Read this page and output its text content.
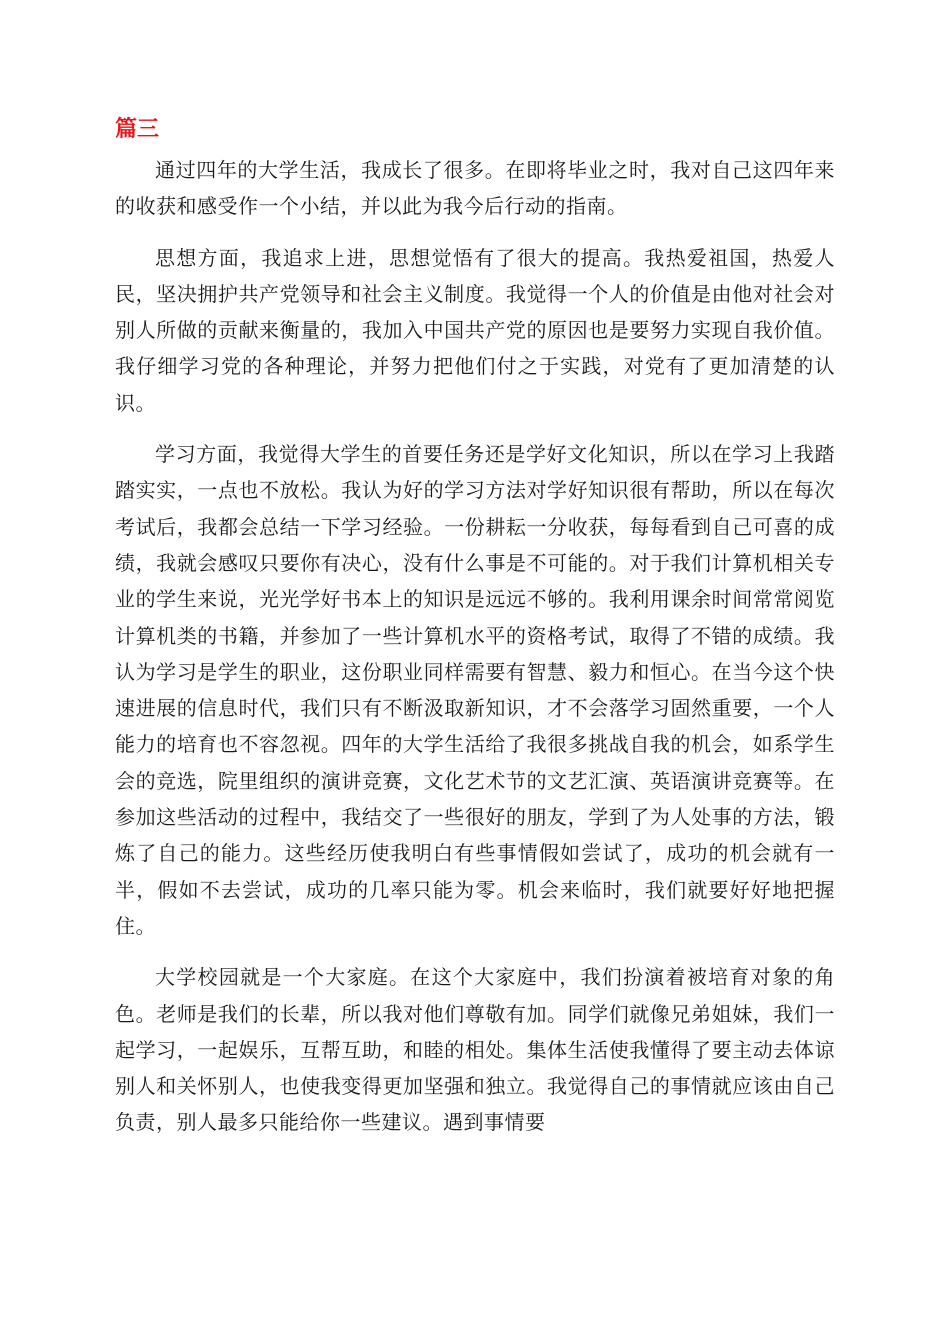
篇三

通过四年的大学生活，我成长了很多。在即将毕业之时，我对自己这四年来的收获和感受作一个小结，并以此为我今后行动的指南。

思想方面，我追求上进，思想觉悟有了很大的提高。我热爱祖国，热爱人民，坚决拥护共产党领导和社会主义制度。我觉得一个人的价值是由他对社会对别人所做的贡献来衡量的，我加入中国共产党的原因也是要努力实现自我价值。我仔细学习党的各种理论，并努力把他们付之于实践，对党有了更加清楚的认识。

学习方面，我觉得大学生的首要任务还是学好文化知识，所以在学习上我踏踏实实，一点也不放松。我认为好的学习方法对学好知识很有帮助，所以在每次考试后，我都会总结一下学习经验。一份耕耘一分收获，每每看到自己可喜的成绩，我就会感叹只要你有决心，没有什么事是不可能的。对于我们计算机相关专业的学生来说，光光学好书本上的知识是远远不够的。我利用课余时间常常阅览计算机类的书籍，并参加了一些计算机水平的资格考试，取得了不错的成绩。我认为学习是学生的职业，这份职业同样需要有智慧、毅力和恒心。在当今这个快速进展的信息时代，我们只有不断汲取新知识，才不会落学习固然重要，一个人能力的培育也不容忽视。四年的大学生活给了我很多挑战自我的机会，如系学生会的竞选，院里组织的演讲竞赛，文化艺术节的文艺汇演、英语演讲竞赛等。在参加这些活动的过程中，我结交了一些很好的朋友，学到了为人处事的方法，锻炼了自己的能力。这些经历使我明白有些事情假如尝试了，成功的机会就有一半，假如不去尝试，成功的几率只能为零。机会来临时，我们就要好好地把握住。

大学校园就是一个大家庭。在这个大家庭中，我们扮演着被培育对象的角色。老师是我们的长辈，所以我对他们尊敬有加。同学们就像兄弟姐妹，我们一起学习，一起娱乐，互帮互助，和睦的相处。集体生活使我懂得了要主动去体谅别人和关怀别人，也使我变得更加坚强和独立。我觉得自己的事情就应该由自己负责，别人最多只能给你一些建议。遇到事情要
